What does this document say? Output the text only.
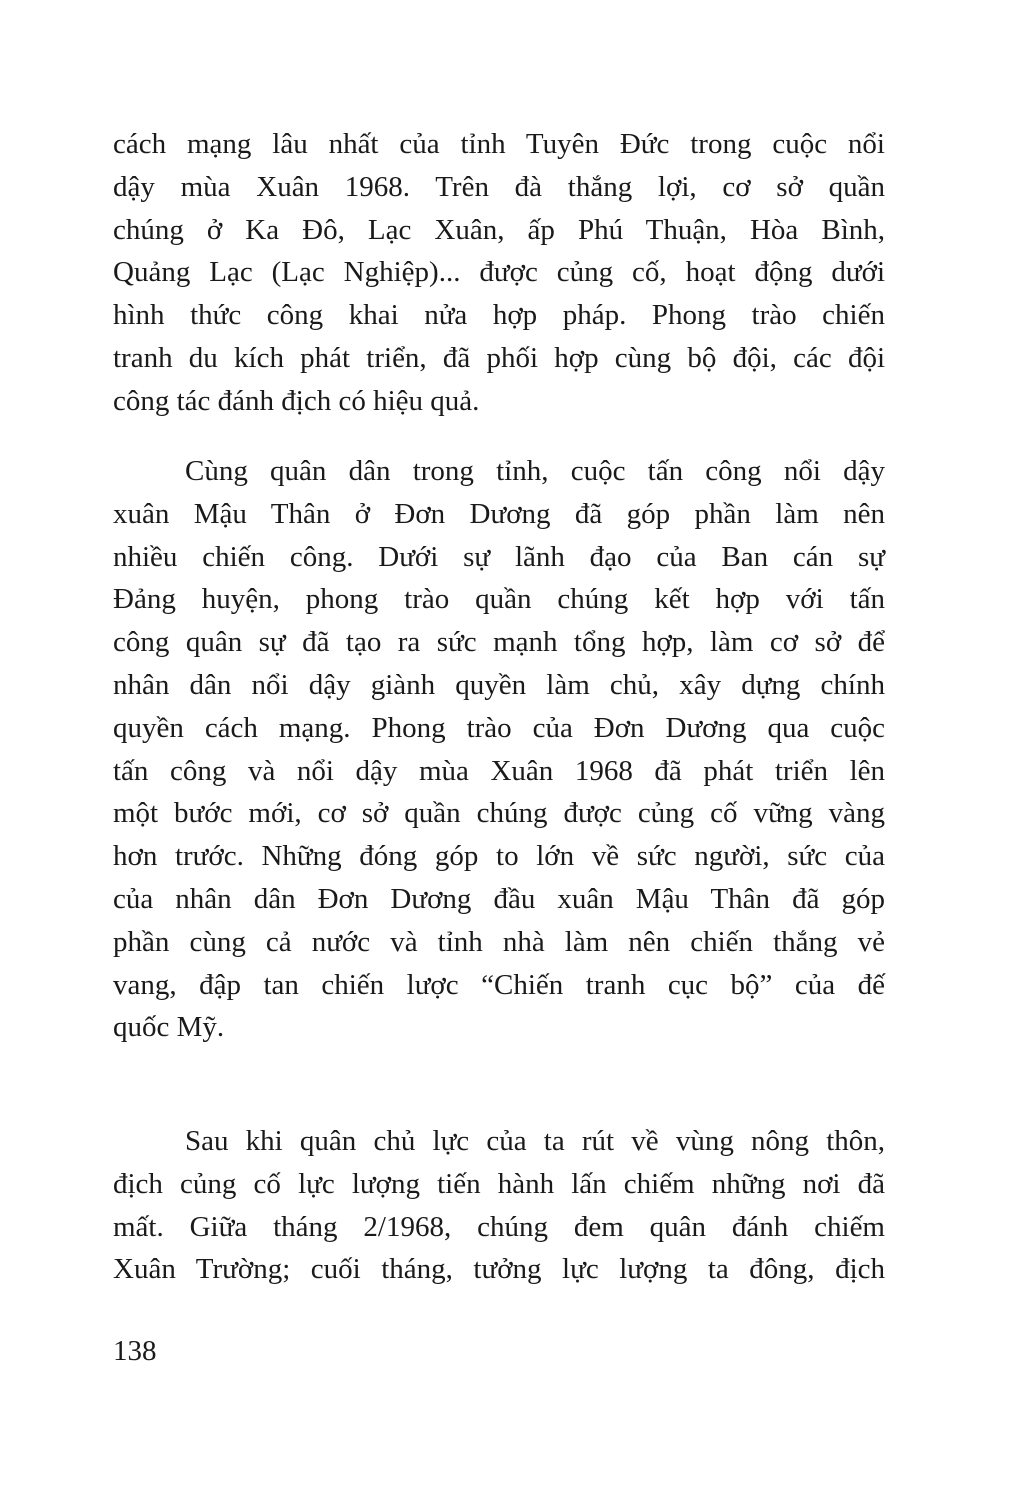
cách mạng lâu nhất của tỉnh Tuyên Đức trong cuộc nổi
dậy mùa Xuân 1968. Trên đà thắng lợi, cơ sở quần
chúng ở Ka Đô, Lạc Xuân, ấp Phú Thuận, Hòa Bình,
Quảng Lạc (Lạc Nghiệp)... được củng cố, hoạt động dưới
hình thức công khai nửa hợp pháp. Phong trào chiến
tranh du kích phát triển, đã phối hợp cùng bộ đội, các đội
công tác đánh địch có hiệu quả.
Cùng quân dân trong tỉnh, cuộc tấn công nổi dậy
xuân Mậu Thân ở Đơn Dương đã góp phần làm nên
nhiều chiến công. Dưới sự lãnh đạo của Ban cán sự
Đảng huyện, phong trào quần chúng kết hợp với tấn
công quân sự đã tạo ra sức mạnh tổng hợp, làm cơ sở để
nhân dân nổi dậy giành quyền làm chủ, xây dựng chính
quyền cách mạng. Phong trào của Đơn Dương qua cuộc
tấn công và nổi dậy mùa Xuân 1968 đã phát triển lên
một bước mới, cơ sở quần chúng được củng cố vững vàng
hơn trước. Những đóng góp to lớn về sức người, sức của
của nhân dân Đơn Dương đầu xuân Mậu Thân đã góp
phần cùng cả nước và tỉnh nhà làm nên chiến thắng vẻ
vang, đập tan chiến lược “Chiến tranh cục bộ” của đế
quốc Mỹ.
Sau khi quân chủ lực của ta rút về vùng nông thôn,
địch củng cố lực lượng tiến hành lấn chiếm những nơi đã
mất. Giữa tháng 2/1968, chúng đem quân đánh chiếm
Xuân Trường; cuối tháng, tưởng lực lượng ta đông, địch
138
